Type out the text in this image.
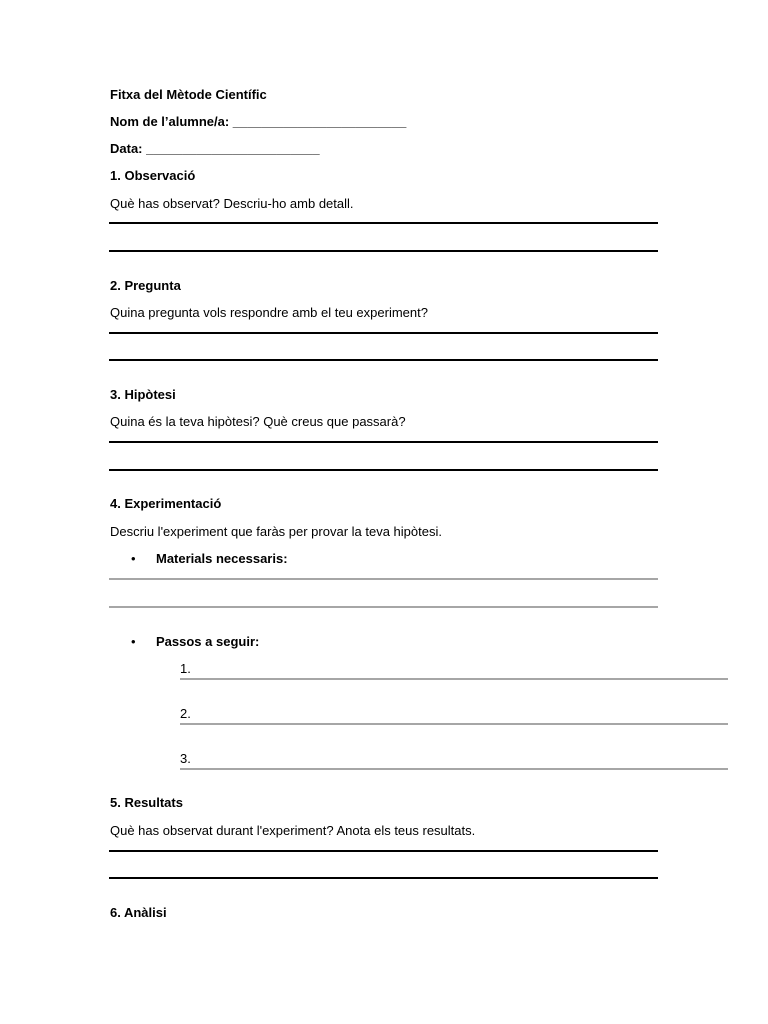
Fitxa del Mètode Científic
Nom de l’alumne/a: ________________________
Data: ________________________
1. Observació
Què has observat? Descriu-ho amb detall.
2. Pregunta
Quina pregunta vols respondre amb el teu experiment?
3. Hipòtesi
Quina és la teva hipòtesi? Què creus que passarà?
4. Experimentació
Descriu l'experiment que faràs per provar la teva hipòtesi.
• Materials necessaris:
• Passos a seguir:
1.
2.
3.
5. Resultats
Què has observat durant l'experiment? Anota els teus resultats.
6. Anàlisi
